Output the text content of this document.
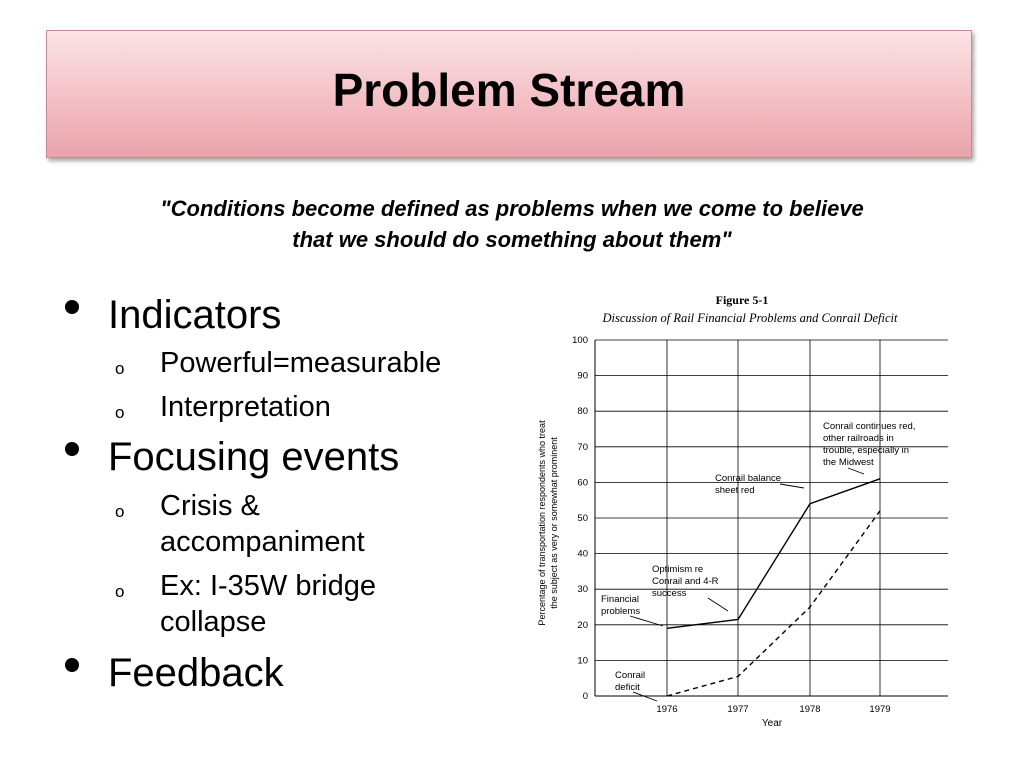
Problem Stream
"Conditions become defined as problems when we come to believe
that we should do something about them"
Indicators
o Powerful=measurable
o Interpretation
Focusing events
o Crisis &
accompaniment
o Ex: I-35W bridge
collapse
Feedback
Figure 5-1
Discussion of Rail Financial Problems and Conrail Deficit
0
10
20
30
40
50
60
70
80
90
100
1976	1977	1978	1979
Percentage of transportation respondents who treat the subject as very or somewhat prominent
Year
Financial
problems
Conrail
deficit
Optimism re
Conrail and 4-R
success
Conrail balance
sheet red
Conrail continues red,
other railroads in
trouble, especially in
the Midwest
